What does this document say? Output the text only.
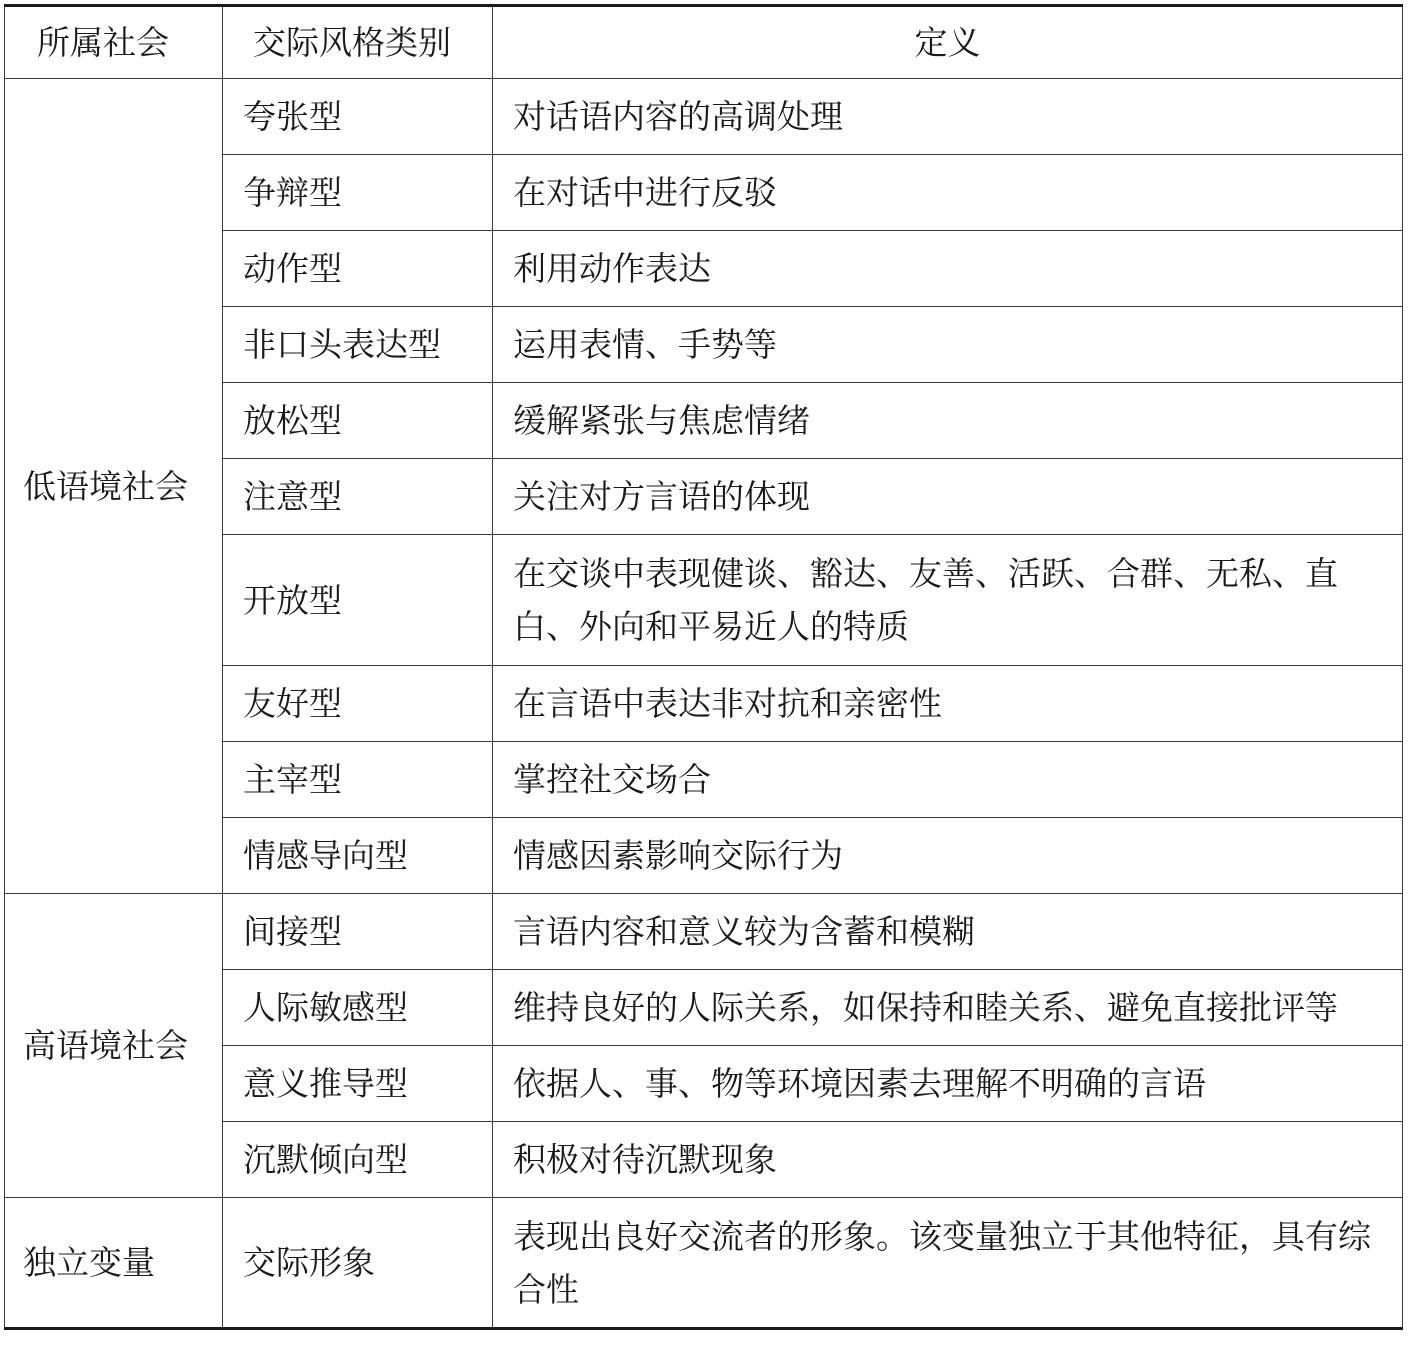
所属社会	交际风格类别	定义
低语境社会	夸张型	对话语内容的高调处理
	争辩型	在对话中进行反驳
	动作型	利用动作表达
	非口头表达型	运用表情、手势等
	放松型	缓解紧张与焦虑情绪
	注意型	关注对方言语的体现
	开放型	在交谈中表现健谈、豁达、友善、活跃、合群、无私、直白、外向和平易近人的特质
	友好型	在言语中表达非对抗和亲密性
	主宰型	掌控社交场合
	情感导向型	情感因素影响交际行为
高语境社会	间接型	言语内容和意义较为含蓄和模糊
	人际敏感型	维持良好的人际关系，如保持和睦关系、避免直接批评等
	意义推导型	依据人、事、物等环境因素去理解不明确的言语
	沉默倾向型	积极对待沉默现象
独立变量	交际形象	表现出良好交流者的形象。该变量独立于其他特征，具有综合性
